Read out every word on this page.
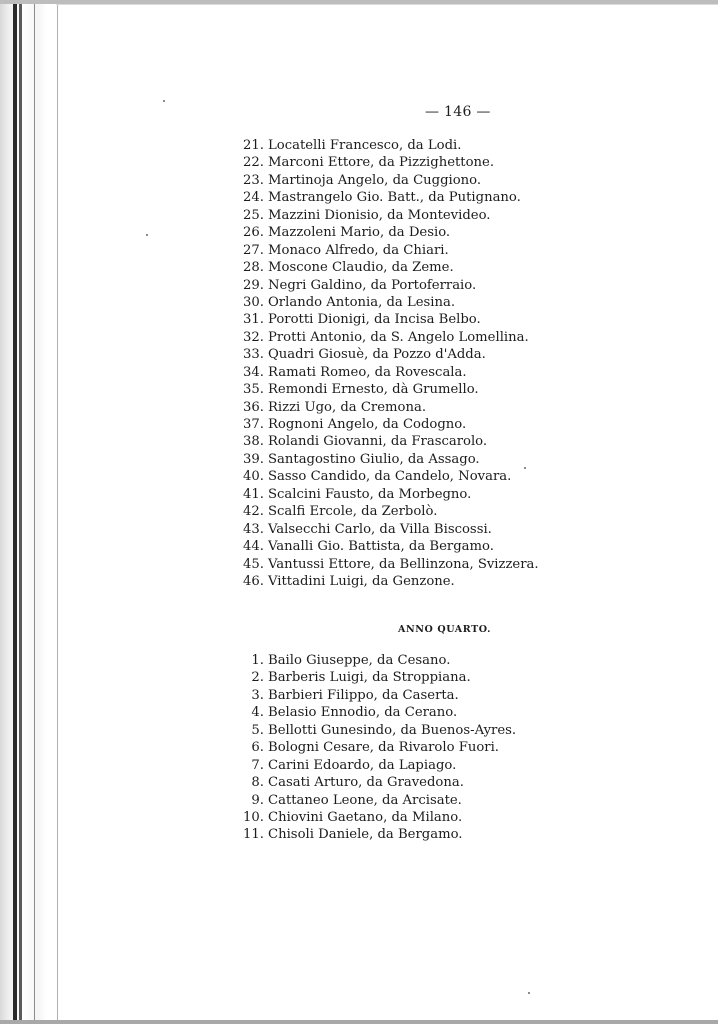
— 146 —
21. Locatelli Francesco, da Lodi.
22. Marconi Ettore, da Pizzighettone.
23. Martinoja Angelo, da Cuggiono.
24. Mastrangelo Gio. Batt., da Putignano.
25. Mazzini Dionisio, da Montevideo.
26. Mazzoleni Mario, da Desio.
27. Monaco Alfredo, da Chiari.
28. Moscone Claudio, da Zeme.
29. Negri Galdino, da Portoferraio.
30. Orlando Antonia, da Lesina.
31. Porotti Dionigi, da Incisa Belbo.
32. Protti Antonio, da S. Angelo Lomellina.
33. Quadri Giosuè, da Pozzo d'Adda.
34. Ramati Romeo, da Rovescala.
35. Remondi Ernesto, dà Grumello.
36. Rizzi Ugo, da Cremona.
37. Rognoni Angelo, da Codogno.
38. Rolandi Giovanni, da Frascarolo.
39. Santagostino Giulio, da Assago.
40. Sasso Candido, da Candelo, Novara.
41. Scalcini Fausto, da Morbegno.
42. Scalfi Ercole, da Zerbolò.
43. Valsecchi Carlo, da Villa Biscossi.
44. Vanalli Gio. Battista, da Bergamo.
45. Vantussi Ettore, da Bellinzona, Svizzera.
46. Vittadini Luigi, da Genzone.
ANNO QUARTO.
1. Bailo Giuseppe, da Cesano.
2. Barberis Luigi, da Stroppiana.
3. Barbieri Filippo, da Caserta.
4. Belasio Ennodio, da Cerano.
5. Bellotti Gunesindo, da Buenos-Ayres.
6. Bologni Cesare, da Rivarolo Fuori.
7. Carini Edoardo, da Lapiago.
8. Casati Arturo, da Gravedona.
9. Cattaneo Leone, da Arcisate.
10. Chiovini Gaetano, da Milano.
11. Chisoli Daniele, da Bergamo.
